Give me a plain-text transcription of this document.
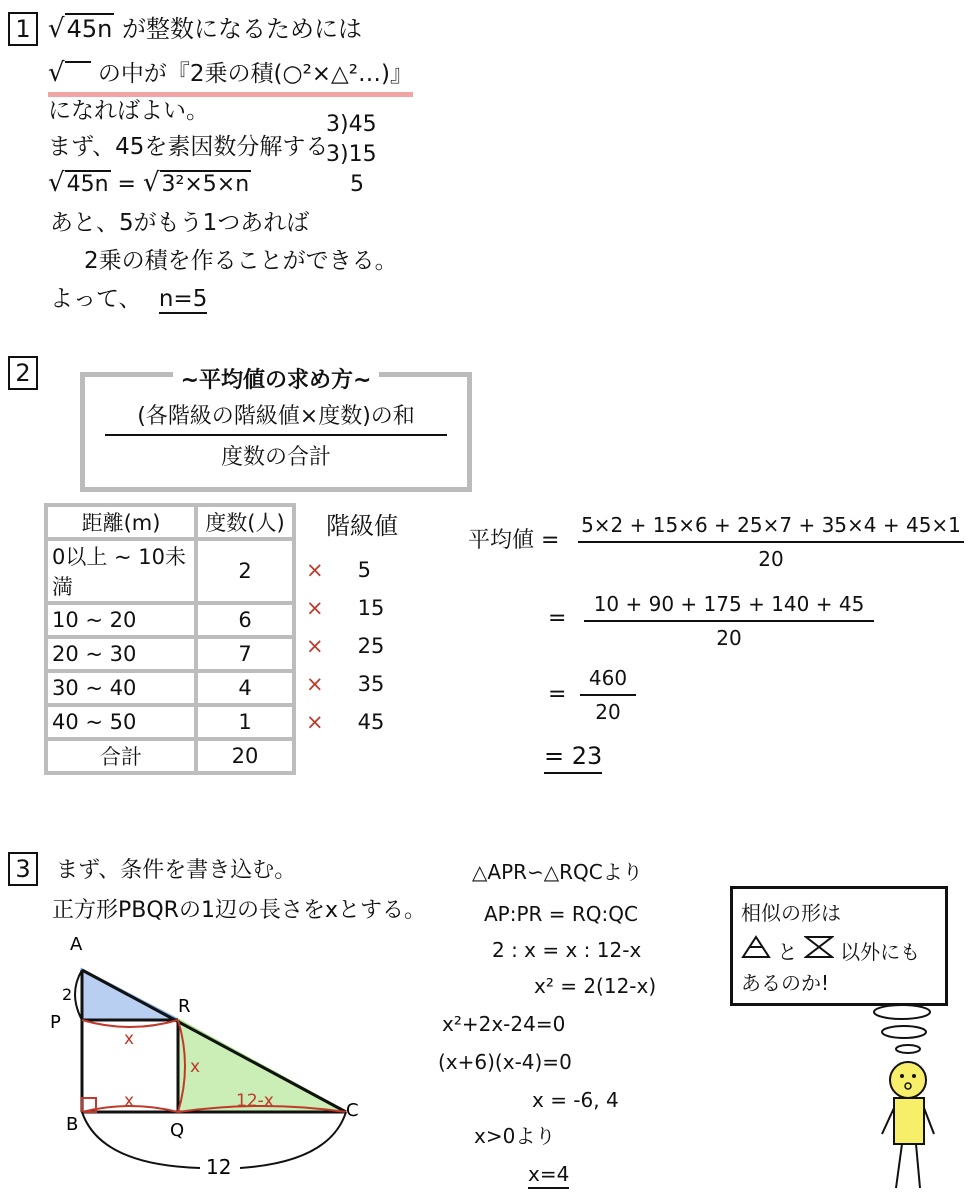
1 √45n が整数になるためには
√ の中が『2乗の積(○²×△²…)』
になればよい。
まず、45を素因数分解する
√45n = √3²×5×n
3)45
3)15
5
あと、5がもう1つあれば
2乗の積を作ることができる。
よって、 n=5
2	~平均値の求め方~
(各階級の階級値×度数)の和
度数の合計
距離(m)	度数(人)
0以上 ~ 10未満	2
10 ~ 20	6
20 ~ 30	7
30 ~ 40	4
40 ~ 50	1
合計	20
階級値
× 5
× 15
× 25
× 35
× 45
平均値 =
5×2 + 15×6 + 25×7 + 35×4 + 45×1
20
=
10 + 90 + 175 + 140 + 45
20
=
460
20
= 23
3	まず、条件を書き込む。
正方形PBQRの1辺の長さをxとする。
A
P
2
R
B	Q
C
x
x
x	12-x
12
△APR∽△RQCより
AP:PR = RQ:QC
2 : x = x : 12-x
x² = 2(12-x)
x²+2x-24=0
(x+6)(x-4)=0
x = -6, 4
x>0より
x=4
相似の形は
と 以外にも
あるのか!
